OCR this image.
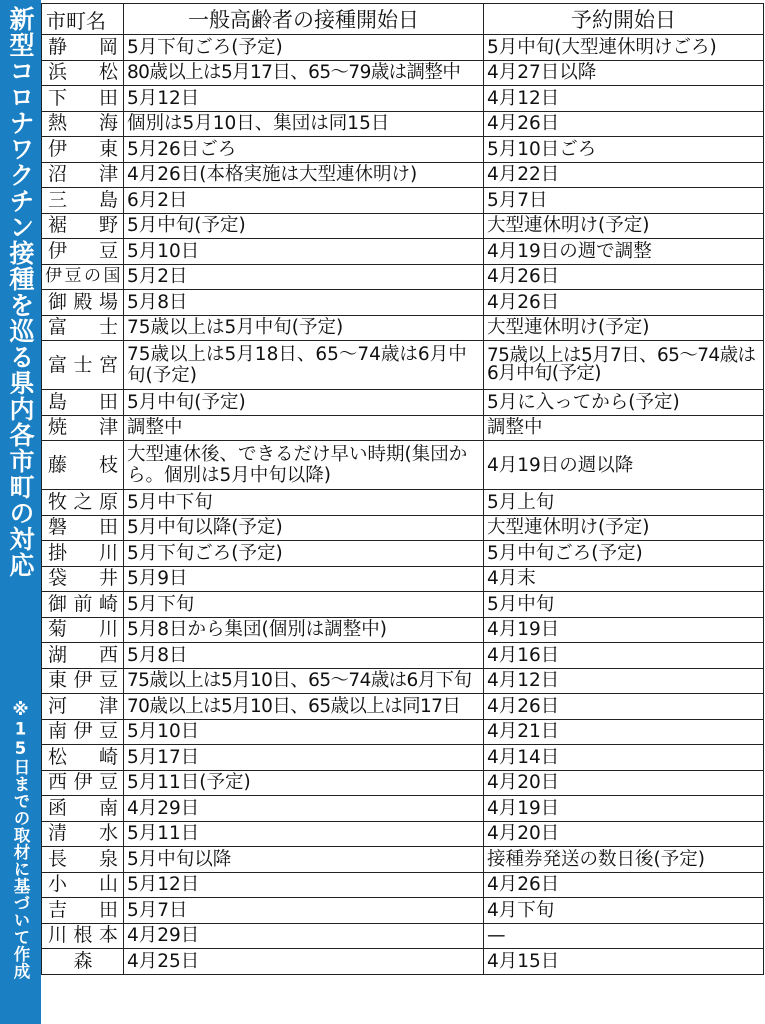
新型コロナワクチン接種を巡る県内各市町の対応
※15日までの取材に基づいて作成
市町名	一般高齢者の接種開始日	予約開始日
静岡	5月下旬ごろ(予定)	5月中旬(大型連休明けごろ)
浜松	80歳以上は5月17日、65〜79歳は調整中	4月27日以降
下田	5月12日	4月12日
熱海	個別は5月10日、集団は同15日	4月26日
伊東	5月26日ごろ	5月10日ごろ
沼津	4月26日(本格実施は大型連休明け)	4月22日
三島	6月2日	5月7日
裾野	5月中旬(予定)	大型連休明け(予定)
伊豆	5月10日	4月19日の週で調整
伊豆の国	5月2日	4月26日
御殿場	5月8日	4月26日
富士	75歳以上は5月中旬(予定)	大型連休明け(予定)
富士宮	75歳以上は5月18日、65〜74歳は6月中旬(予定)	75歳以上は5月7日、65〜74歳は6月中旬(予定)
島田	5月中旬(予定)	5月に入ってから(予定)
焼津	調整中	調整中
藤枝	大型連休後、できるだけ早い時期(集団から。個別は5月中旬以降)	4月19日の週以降
牧之原	5月中下旬	5月上旬
磐田	5月中旬以降(予定)	大型連休明け(予定)
掛川	5月下旬ごろ(予定)	5月中旬ごろ(予定)
袋井	5月9日	4月末
御前崎	5月下旬	5月中旬
菊川	5月8日から集団(個別は調整中)	4月19日
湖西	5月8日	4月16日
東伊豆	75歳以上は5月10日、65〜74歳は6月下旬	4月12日
河津	70歳以上は5月10日、65歳以上は同17日	4月26日
南伊豆	5月10日	4月21日
松崎	5月17日	4月14日
西伊豆	5月11日(予定)	4月20日
函南	4月29日	4月19日
清水	5月11日	4月20日
長泉	5月中旬以降	接種券発送の数日後(予定)
小山	5月12日	4月26日
吉田	5月7日	4月下旬
川根本	4月29日	—
森	4月25日	4月15日
